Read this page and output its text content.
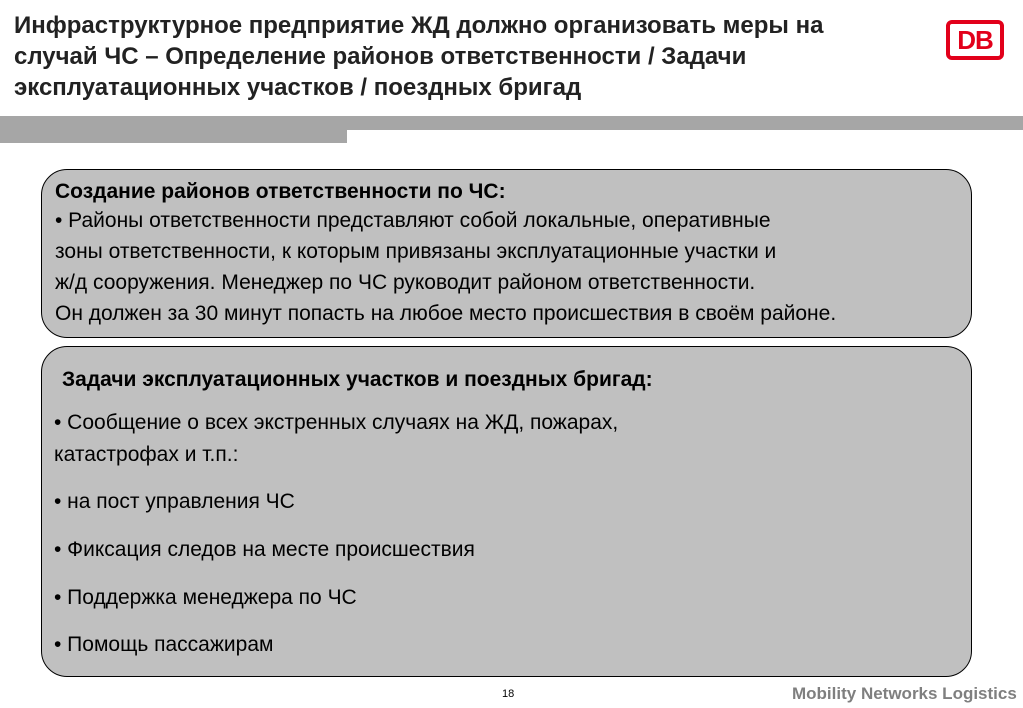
Инфраструктурное предприятие ЖД должно организовать меры на
случай ЧС – Определение районов ответственности / Задачи
эксплуатационных участков / поездных бригад
DB
Создание районов ответственности по ЧС:
• Районы ответственности представляют собой локальные, оперативные
зоны ответственности, к которым привязаны эксплуатационные участки и
ж/д сооружения. Менеджер по ЧС руководит районом ответственности.
Он должен за 30 минут попасть на любое место происшествия в своём районе.
Задачи эксплуатационных участков и поездных бригад:
• Сообщение о всех экстренных случаях на ЖД, пожарах,
катастрофах и т.п.:
• на пост управления ЧС
• Фиксация следов на месте происшествия
• Поддержка менеджера по ЧС
• Помощь пассажирам
18	Mobility Networks Logistics
